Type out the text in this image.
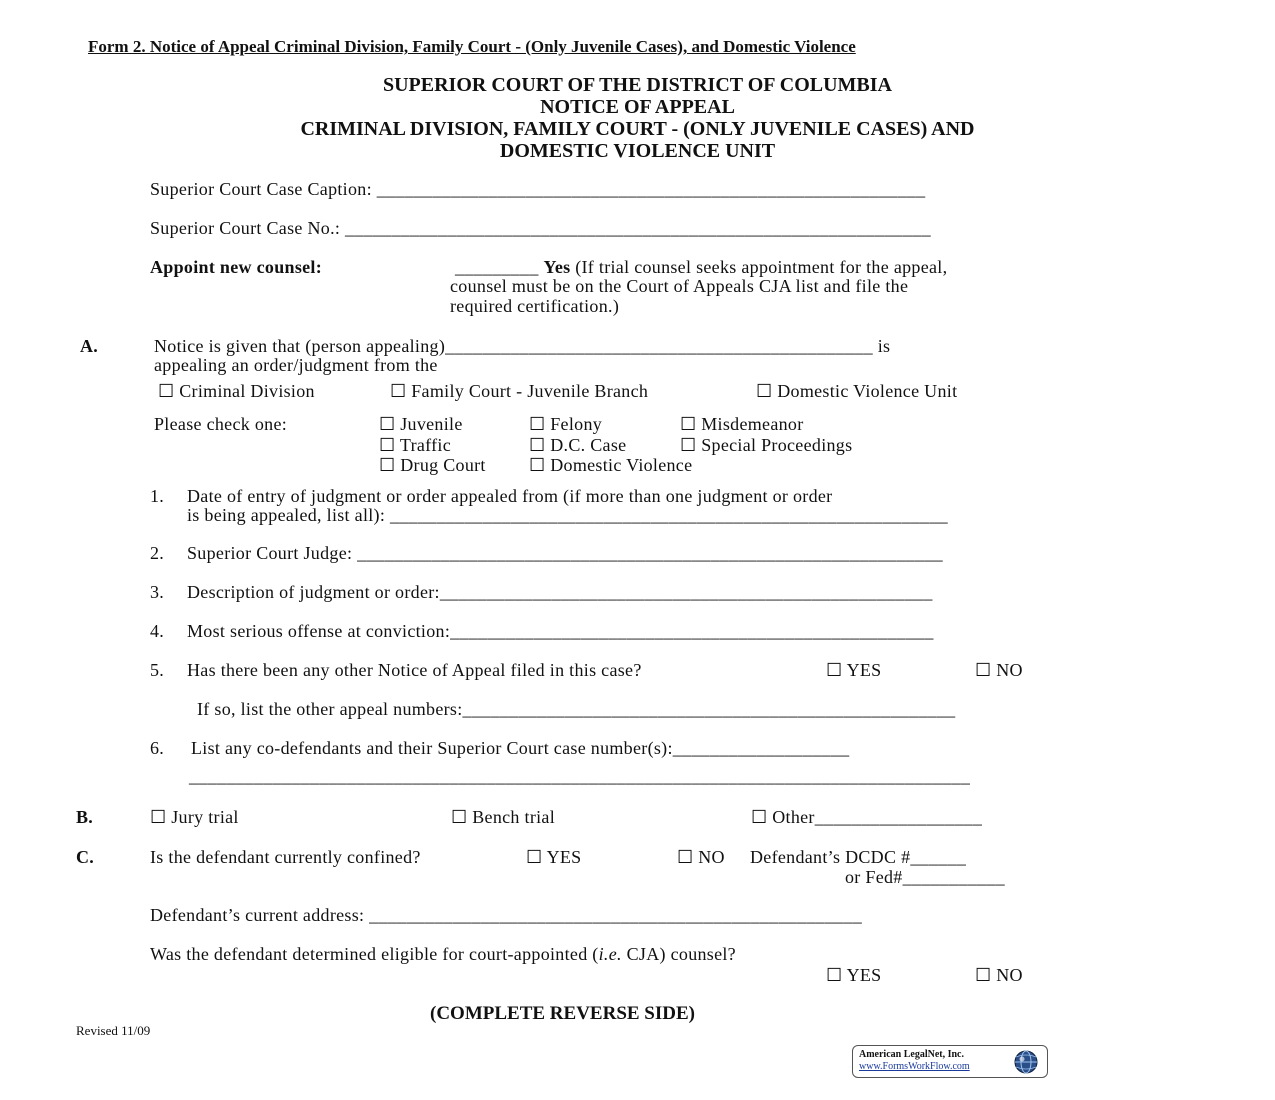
Form 2. Notice of Appeal Criminal Division, Family Court - (Only Juvenile Cases), and Domestic Violence
SUPERIOR COURT OF THE DISTRICT OF COLUMBIA
NOTICE OF APPEAL
CRIMINAL DIVISION, FAMILY COURT - (ONLY JUVENILE CASES) AND
DOMESTIC VIOLENCE UNIT
Superior Court Case Caption: ___________________________________________________________
Superior Court Case No.: _______________________________________________________________
Appoint new counsel:	_________ Yes (If trial counsel seeks appointment for the appeal,
counsel must be on the Court of Appeals CJA list and file the
required certification.)
A.	Notice is given that (person appealing)______________________________________________ is
appealing an order/judgment from the
☐ Criminal Division	☐ Family Court - Juvenile Branch	☐ Domestic Violence Unit
Please check one:	☐ Juvenile	☐ Felony	☐ Misdemeanor
☐ Traffic	☐ D.C. Case	☐ Special Proceedings
☐ Drug Court ☐ Domestic Violence
1. Date of entry of judgment or order appealed from (if more than one judgment or order
is being appealed, list all): ____________________________________________________________
2. Superior Court Judge: _______________________________________________________________
3. Description of judgment or order:_____________________________________________________
4. Most serious offense at conviction:____________________________________________________
5. Has there been any other Notice of Appeal filed in this case?	☐ YES	☐ NO
If so, list the other appeal numbers:_____________________________________________________
6. List any co-defendants and their Superior Court case number(s):___________________
____________________________________________________________________________________
B.	☐ Jury trial	☐ Bench trial	☐ Other__________________
C.	Is the defendant currently confined?	☐ YES	☐ NO Defendant’s DCDC #______
or Fed#___________
Defendant’s current address: _____________________________________________________
Was the defendant determined eligible for court-appointed (i.e. CJA) counsel?
☐ YES	☐ NO
(COMPLETE REVERSE SIDE)
Revised 11/09
American LegalNet, Inc.
www.FormsWorkFlow.com
